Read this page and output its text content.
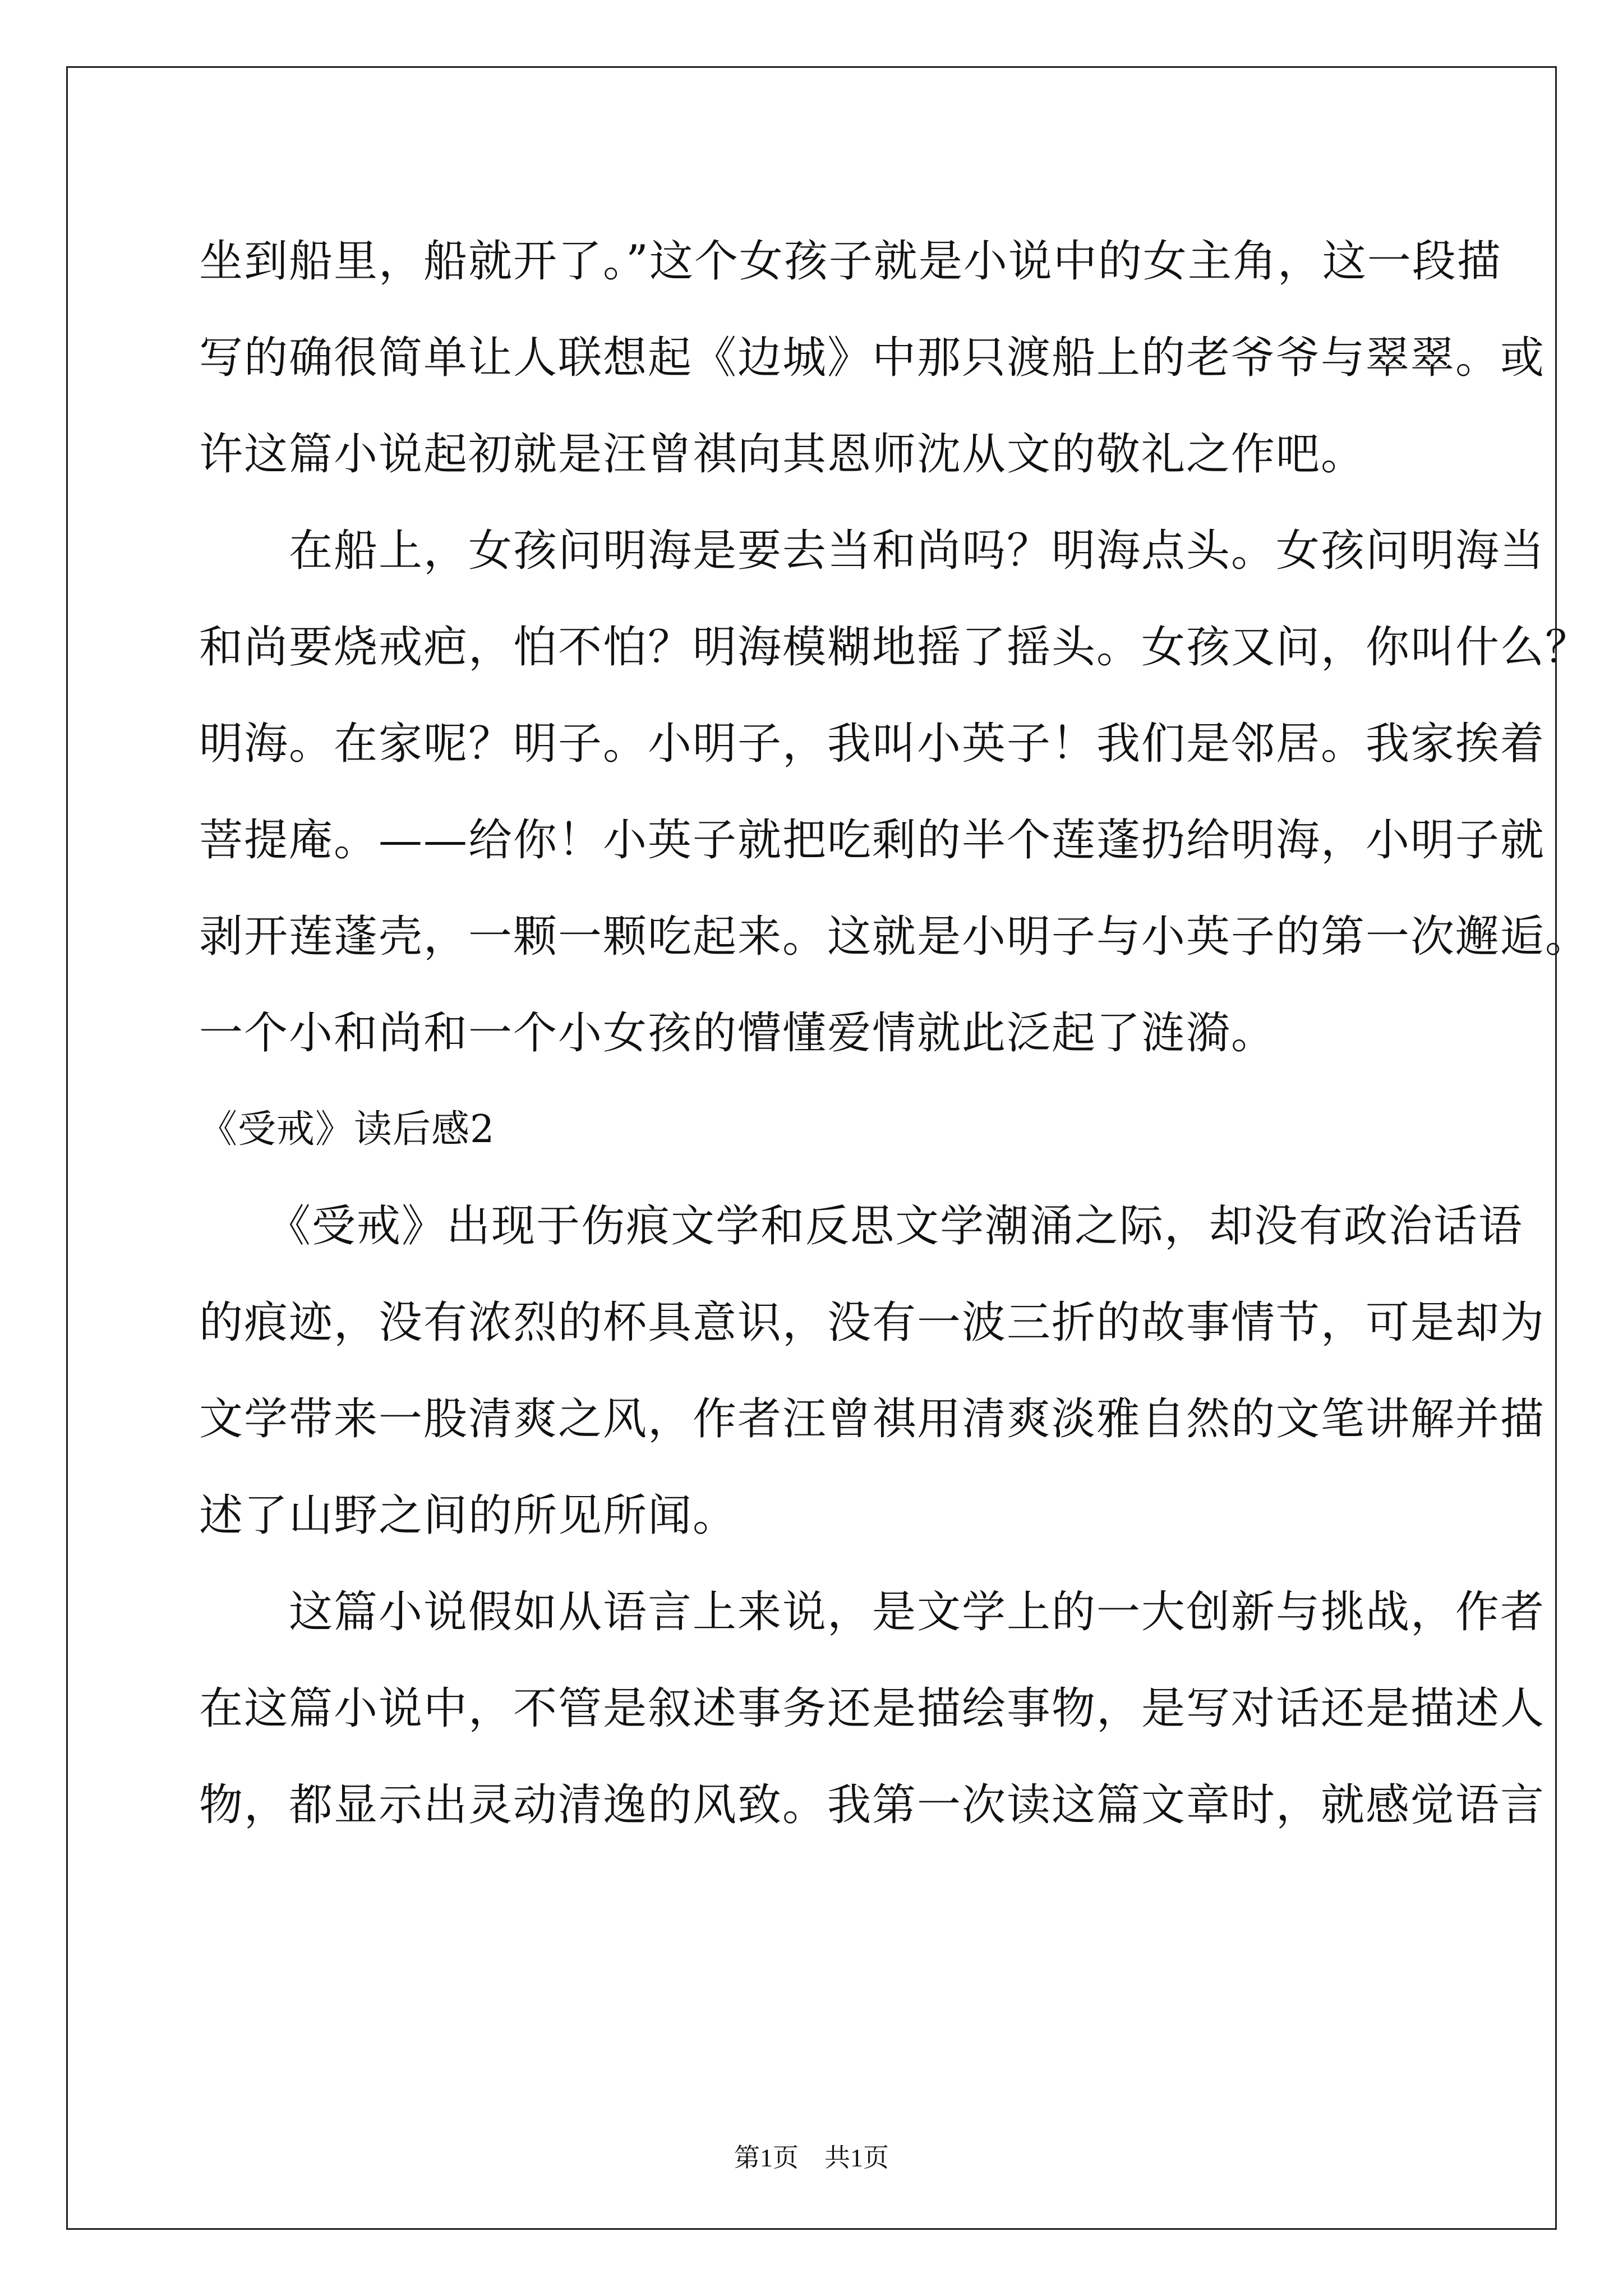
坐到船里，船就开了。”这个女孩子就是小说中的女主角，这一段描
写的确很简单让人联想起《边城》中那只渡船上的老爷爷与翠翠。或
许这篇小说起初就是汪曾祺向其恩师沈从文的敬礼之作吧。
　　在船上，女孩问明海是要去当和尚吗？明海点头。女孩问明海当
和尚要烧戒疤，怕不怕？明海模糊地摇了摇头。女孩又问，你叫什么？
明海。在家呢？明子。小明子，我叫小英子！我们是邻居。我家挨着
菩提庵。——给你！小英子就把吃剩的半个莲蓬扔给明海，小明子就
剥开莲蓬壳，一颗一颗吃起来。这就是小明子与小英子的第一次邂逅。
一个小和尚和一个小女孩的懵懂爱情就此泛起了涟漪。
《受戒》读后感2
　　《受戒》出现于伤痕文学和反思文学潮涌之际，却没有政治话语
的痕迹，没有浓烈的杯具意识，没有一波三折的故事情节，可是却为
文学带来一股清爽之风，作者汪曾祺用清爽淡雅自然的文笔讲解并描
述了山野之间的所见所闻。
　　这篇小说假如从语言上来说，是文学上的一大创新与挑战，作者
在这篇小说中，不管是叙述事务还是描绘事物，是写对话还是描述人
物，都显示出灵动清逸的风致。我第一次读这篇文章时，就感觉语言
第1页　共1页
